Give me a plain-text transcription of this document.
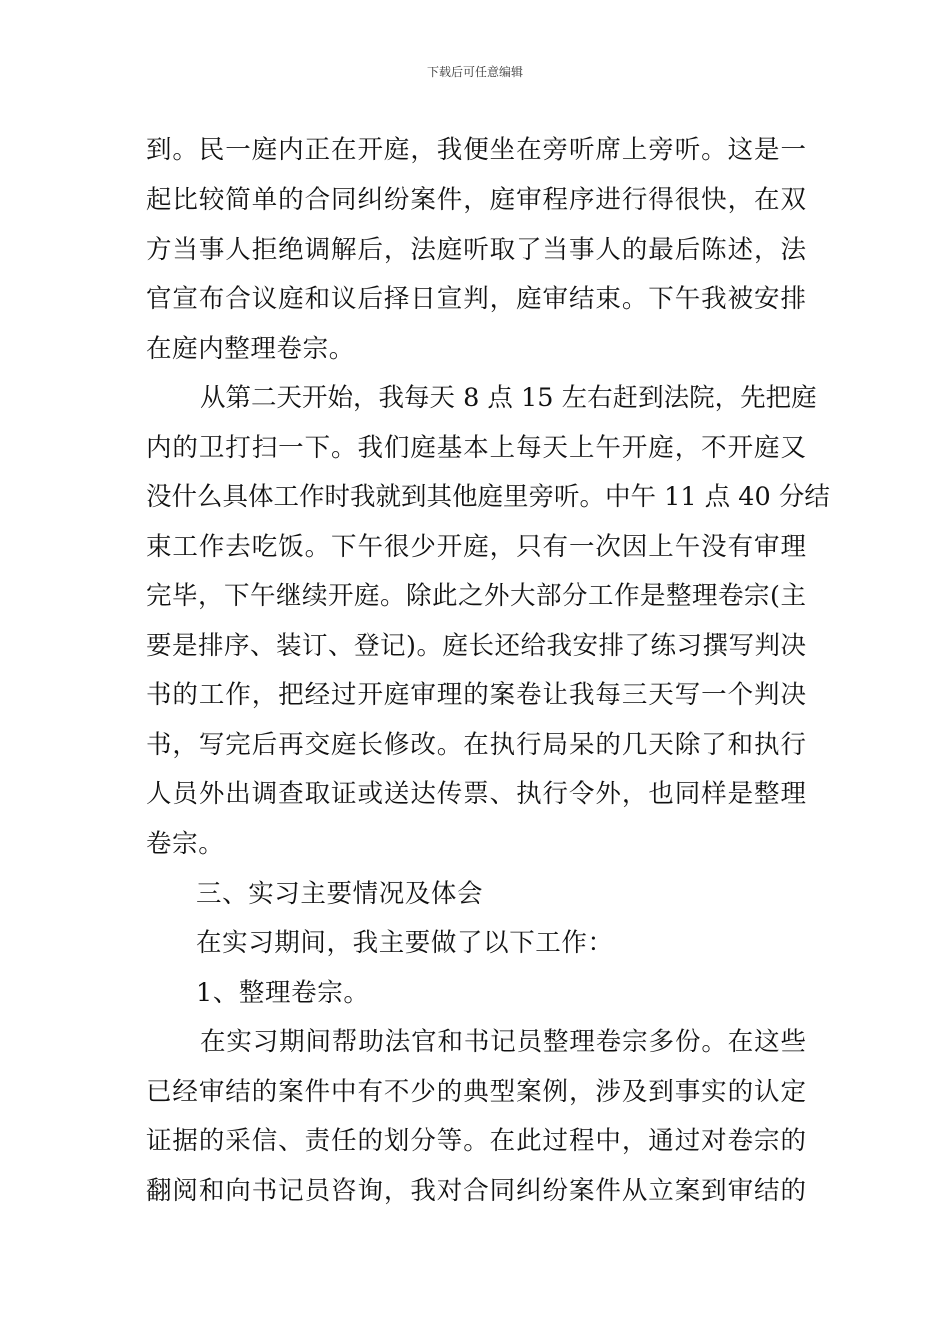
下载后可任意编辑
到。民一庭内正在开庭，我便坐在旁听席上旁听。这是一
起比较简单的合同纠纷案件，庭审程序进行得很快，在双
方当事人拒绝调解后，法庭听取了当事人的最后陈述，法
官宣布合议庭和议后择日宣判，庭审结束。下午我被安排
在庭内整理卷宗。
从第二天开始，我每天 8 点 15 左右赶到法院，先把庭
内的卫打扫一下。我们庭基本上每天上午开庭，不开庭又
没什么具体工作时我就到其他庭里旁听。中午 11 点 40 分结
束工作去吃饭。下午很少开庭，只有一次因上午没有审理
完毕，下午继续开庭。除此之外大部分工作是整理卷宗(主
要是排序、装订、登记)。庭长还给我安排了练习撰写判决
书的工作，把经过开庭审理的案卷让我每三天写一个判决
书，写完后再交庭长修改。在执行局呆的几天除了和执行
人员外出调查取证或送达传票、执行令外，也同样是整理
卷宗。
三、实习主要情况及体会
在实习期间，我主要做了以下工作：
1、整理卷宗。
在实习期间帮助法官和书记员整理卷宗多份。在这些
已经审结的案件中有不少的典型案例，涉及到事实的认定
证据的采信、责任的划分等。在此过程中，通过对卷宗的
翻阅和向书记员咨询，我对合同纠纷案件从立案到审结的
